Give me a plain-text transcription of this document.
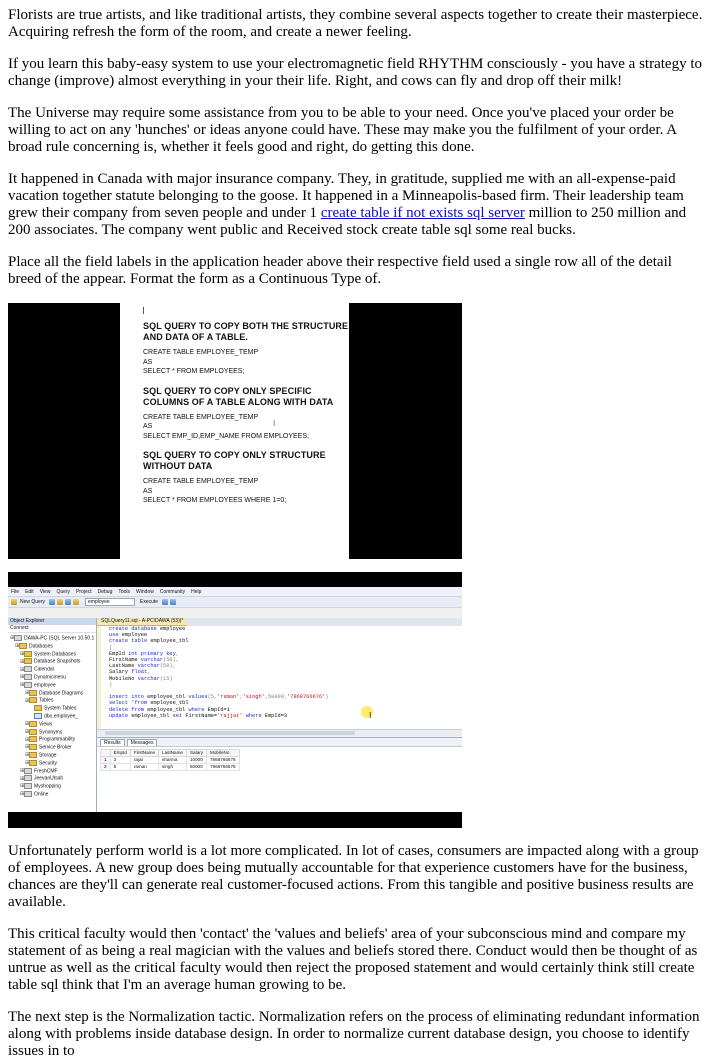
Florists are true artists, and like traditional artists, they combine several aspects together to create their masterpiece. Acquiring refresh the form of the room, and create a newer feeling.

If you learn this baby-easy system to use your electromagnetic field RHYTHM consciously - you have a strategy to change (improve) almost everything in your their life. Right, and cows can fly and drop off their milk!

The Universe may require some assistance from you to be able to your need. Once you've placed your order be willing to act on any 'hunches' or ideas anyone could have. These may make you the fulfilment of your order. A broad rule concerning is, whether it feels good and right, do getting this done.

It happened in Canada with major insurance company. They, in gratitude, supplied me with an all-expense-paid vacation together statute belonging to the goose. It happened in a Minneapolis-based firm. Their leadership team grew their company from seven people and under 1 create table if not exists sql server million to 250 million and 200 associates. The company went public and Received stock create table sql some real bucks.

Place all the field labels in the application header above their respective field used a single row all of the detail breed of the appear. Format the form as a Continuous Type of.

SQL QUERY TO COPY BOTH THE STRUCTURE AND DATA OF A TABLE.
CREATE TABLE EMPLOYEE_TEMP
AS
SELECT * FROM EMPLOYEES;
SQL QUERY TO COPY ONLY SPECIFIC COLUMNS OF A TABLE ALONG WITH DATA
CREATE TABLE EMPLOYEE_TEMP
AS
SELECT EMP_ID,EMP_NAME FROM EMPLOYEES;
SQL QUERY TO COPY ONLY STRUCTURE WITHOUT DATA
CREATE TABLE EMPLOYEE_TEMP
AS
SELECT * FROM EMPLOYEES WHERE 1=0;
I
File Edit View Query Project Debug Tools Window Community Help
New Query	employee	Execute
Object Explorer
Connect
⊞ DAWA-PC (SQL Server 10.50.1
⊞ Databases
⊞ System Databases
⊞ Database Snapshots
⊞ Calendar
⊞ Dynamicmenu
⊞ employee
⊞ Database Diagrams
⊞ Tables
System Tables
dbo.employee_
⊞ Views
⊞ Synonyms
⊞ Programmability
⊞ Service Broker
⊞ Storage
⊞ Security
⊞ FreshCMF
⊞ JeevanUtsah
⊞ Myshopping
⊞ Online
SQLQuery11.sql - A-PC\DAWA (53))*
create database employee
use employee
create table employee_tbl
(
EmpId int primary key,
FirstName varchar(50),
LastName varchar(50),
Salary float,
MobileNo varchar(15)
)

insert into employee_tbl values(5,'raman','singh',50000,'7868766676')
select *from employee_tbl
delete from employee_tbl where EmpId=1
update employee_tbl set FirstName='rajjat' where EmpId=3	I
Results	Messages
	EmpId	FirstName	LastName	Salary	MobileNo
1	3	rajat	sharma	10000	7868766676
2	5	raman	singh	50000	7868766676

Unfortunately perform world is a lot more complicated. In lot of cases, consumers are impacted along with a group of employees. A new group does being mutually accountable for that experience customers have for the business, chances are they'll can generate real customer-focused actions. From this tangible and positive business results are available.

This critical faculty would then 'contact' the 'values and beliefs' area of your subconscious mind and compare my statement of as being a real magician with the values and beliefs stored there. Conduct would then be thought of as untrue as well as the critical faculty would then reject the proposed statement and would certainly think still create table sql think that I'm an average human growing to be.

The next step is the Normalization tactic. Normalization refers on the process of eliminating redundant information along with problems inside database design. In order to normalize current database design, you choose to identify issues in to
